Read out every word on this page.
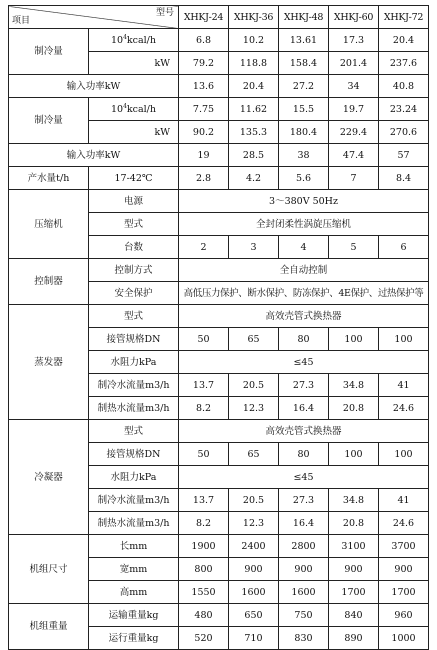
型号
项目		XHKJ-24	XHKJ-36	XHKJ-48	XHKJ-60	XHKJ-72
制冷量	$10^4kcal/h$	6.8	10.2	13.61	17.3	20.4
	kW	79.2	118.8	158.4	201.4	237.6
输入功率kW		13.6	20.4	27.2	34	40.8
制冷量	$10^4kcal/h$	7.75	11.62	15.5	19.7	23.24
	kW	90.2	135.3	180.4	229.4	270.6
输入功率kW		19	28.5	38	47.4	57
产水量t/h	17-42℃	2.8	4.2	5.6	7	8.4
压缩机	电源	3～380V 50Hz				
	型式	全封闭柔性涡旋压缩机				
	台数	2	3	4	5	6
控制器	控制方式	全自动控制				
	安全保护	高低压力保护、断水保护、防冻保护、4E保护、过热保护等				
蒸发器	型式	高效壳管式换热器				
	接管规格DN	50	65	80	100	100
	水阻力kPa	≤45				
	制冷水流量m3/h	13.7	20.5	27.3	34.8	41
	制热水流量m3/h	8.2	12.3	16.4	20.8	24.6
冷凝器	型式	高效壳管式换热器				
	接管规格DN	50	65	80	100	100
	水阻力kPa	≤45				
	制冷水流量m3/h	13.7	20.5	27.3	34.8	41
	制热水流量m3/h	8.2	12.3	16.4	20.8	24.6
机组尺寸	长mm	1900	2400	2800	3100	3700
	宽mm	800	900	900	900	900
	高mm	1550	1600	1600	1700	1700
机组重量	运输重量kg	480	650	750	840	960
	运行重量kg	520	710	830	890	1000
